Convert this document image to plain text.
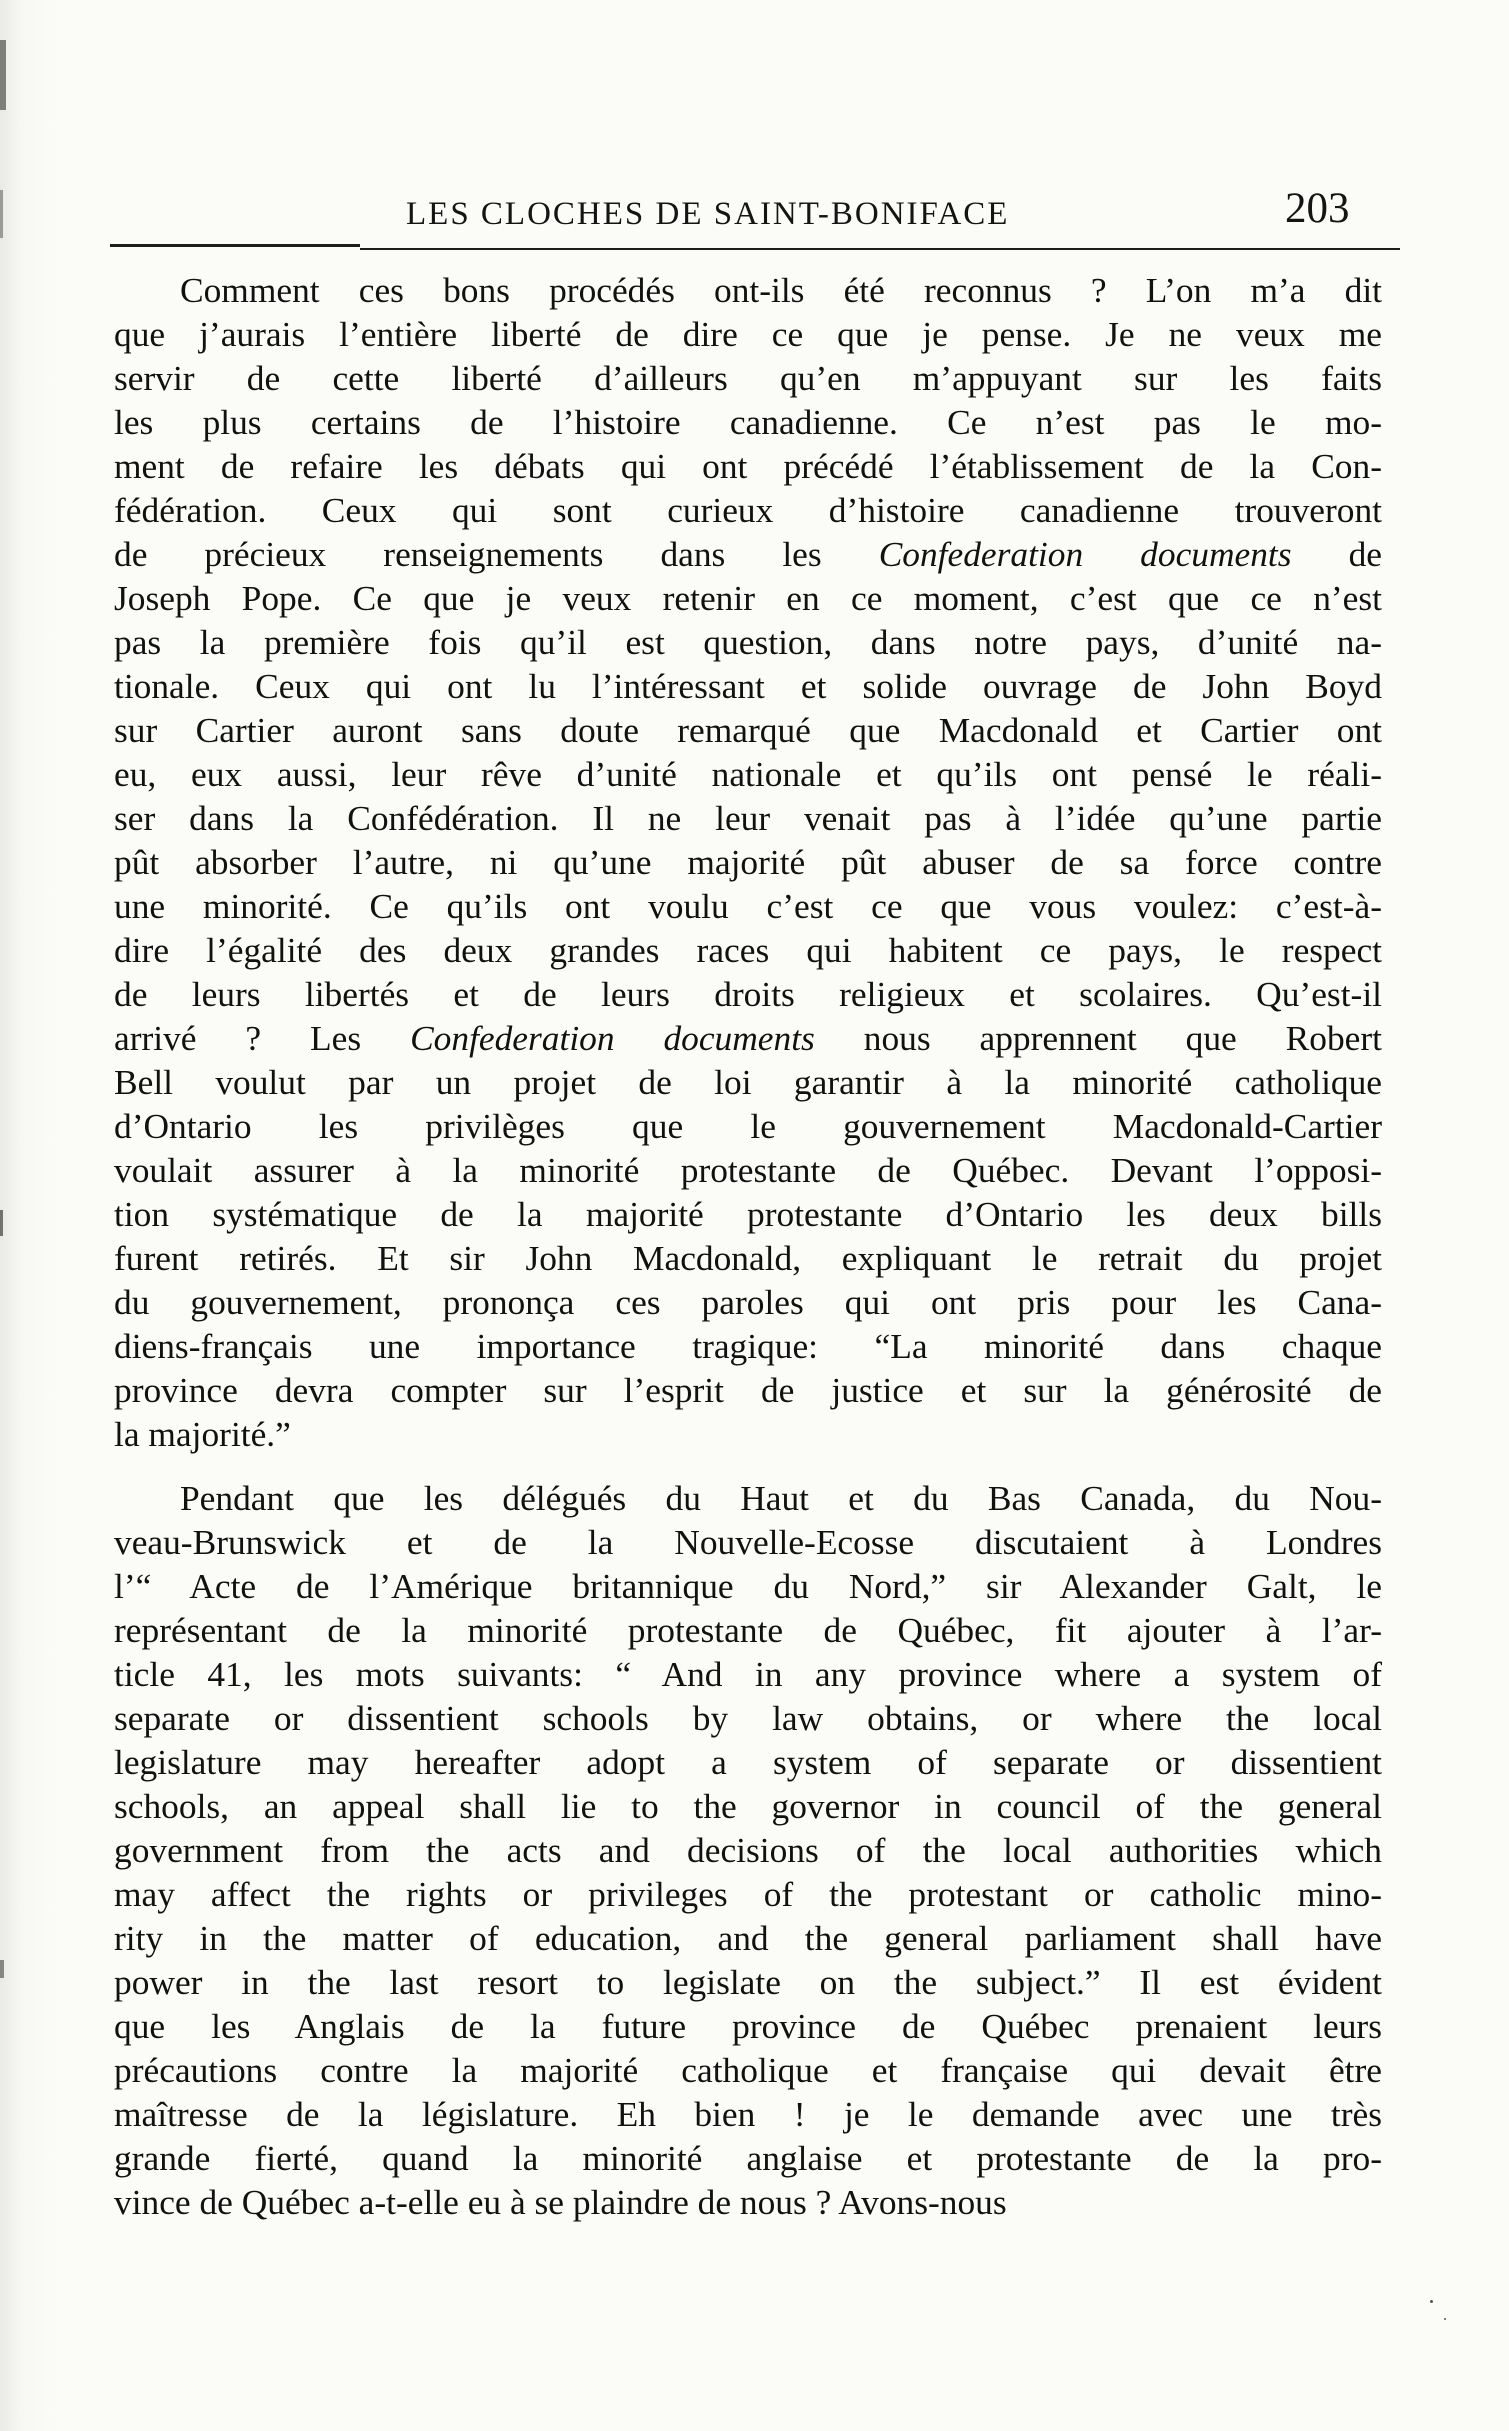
LES CLOCHES DE SAINT-BONIFACE	203
Comment ces bons procédés ont-ils été reconnus ? L’on m’a dit
que j’aurais l’entière liberté de dire ce que je pense. Je ne veux me
servir de cette liberté d’ailleurs qu’en m’appuyant sur les faits
les plus certains de l’histoire canadienne. Ce n’est pas le mo-
ment de refaire les débats qui ont précédé l’établissement de la Con-
fédération. Ceux qui sont curieux d’histoire canadienne trouveront
de précieux renseignements dans les Confederation documents de
Joseph Pope. Ce que je veux retenir en ce moment, c’est que ce n’est
pas la première fois qu’il est question, dans notre pays, d’unité na-
tionale. Ceux qui ont lu l’intéressant et solide ouvrage de John Boyd
sur Cartier auront sans doute remarqué que Macdonald et Cartier ont
eu, eux aussi, leur rêve d’unité nationale et qu’ils ont pensé le réali-
ser dans la Confédération. Il ne leur venait pas à l’idée qu’une partie
pût absorber l’autre, ni qu’une majorité pût abuser de sa force contre
une minorité. Ce qu’ils ont voulu c’est ce que vous voulez: c’est-à-
dire l’égalité des deux grandes races qui habitent ce pays, le respect
de leurs libertés et de leurs droits religieux et scolaires. Qu’est-il
arrivé ? Les Confederation documents nous apprennent que Robert
Bell voulut par un projet de loi garantir à la minorité catholique
d’Ontario les privilèges que le gouvernement Macdonald-Cartier
voulait assurer à la minorité protestante de Québec. Devant l’opposi-
tion systématique de la majorité protestante d’Ontario les deux bills
furent retirés. Et sir John Macdonald, expliquant le retrait du projet
du gouvernement, prononça ces paroles qui ont pris pour les Cana-
diens-français une importance tragique: “La minorité dans chaque
province devra compter sur l’esprit de justice et sur la générosité de
la majorité.”
Pendant que les délégués du Haut et du Bas Canada, du Nou-
veau-Brunswick et de la Nouvelle-Ecosse discutaient à Londres
l’“ Acte de l’Amérique britannique du Nord,” sir Alexander Galt, le
représentant de la minorité protestante de Québec, fit ajouter à l’ar-
ticle 41, les mots suivants: “ And in any province where a system of
separate or dissentient schools by law obtains, or where the local
legislature may hereafter adopt a system of separate or dissentient
schools, an appeal shall lie to the governor in council of the general
government from the acts and decisions of the local authorities which
may affect the rights or privileges of the protestant or catholic mino-
rity in the matter of education, and the general parliament shall have
power in the last resort to legislate on the subject.” Il est évident
que les Anglais de la future province de Québec prenaient leurs
précautions contre la majorité catholique et française qui devait être
maîtresse de la législature. Eh bien ! je le demande avec une très
grande fierté, quand la minorité anglaise et protestante de la pro-
vince de Québec a-t-elle eu à se plaindre de nous ? Avons-nous
